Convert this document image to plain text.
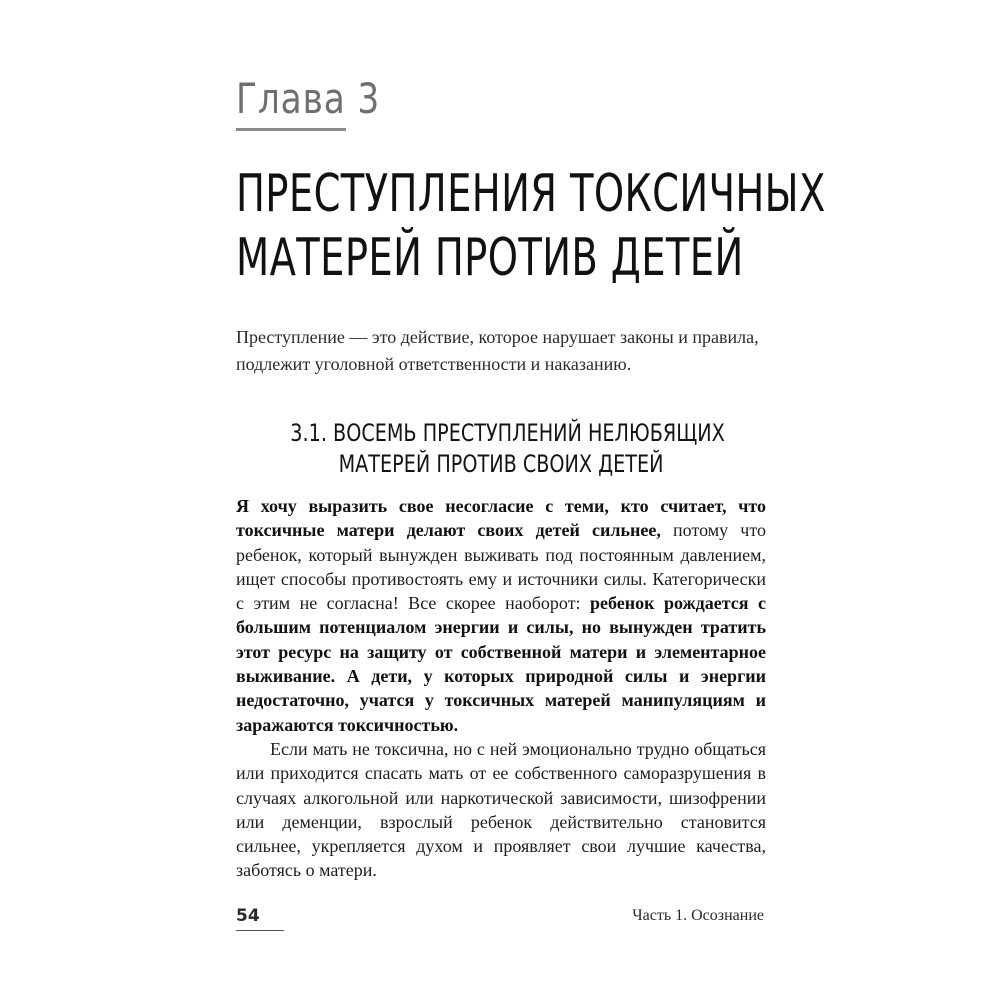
Глава 3
ПРЕСТУПЛЕНИЯ ТОКСИЧНЫХ
МАТЕРЕЙ ПРОТИВ ДЕТЕЙ
Преступление — это действие, которое нарушает законы и правила, подлежит уголовной ответственности и наказанию.
3.1. ВОСЕМЬ ПРЕСТУПЛЕНИЙ НЕЛЮБЯЩИХ
МАТЕРЕЙ ПРОТИВ СВОИХ ДЕТЕЙ

Я хочу выразить свое несогласие с теми, кто считает, что токсичные матери делают своих детей сильнее, потому что ребенок, который вынужден выживать под постоянным давлением, ищет способы противостоять ему и источники силы. Категорически с этим не согласна! Все скорее наоборот: ребенок рождается с большим потенциалом энергии и силы, но вынужден тратить этот ресурс на защиту от собственной матери и элементарное выживание. А дети, у которых природной силы и энергии недостаточно, учатся у токсичных матерей манипуляциям и заражаются токсичностью.

Если мать не токсична, но с ней эмоционально трудно общаться или приходится спасать мать от ее собственного саморазрушения в случаях алкогольной или наркотической зависимости, шизофрении или деменции, взрослый ребенок действительно становится сильнее, укрепляется духом и проявляет свои лучшие качества, заботясь о матери.

54	Часть 1. Осознание
